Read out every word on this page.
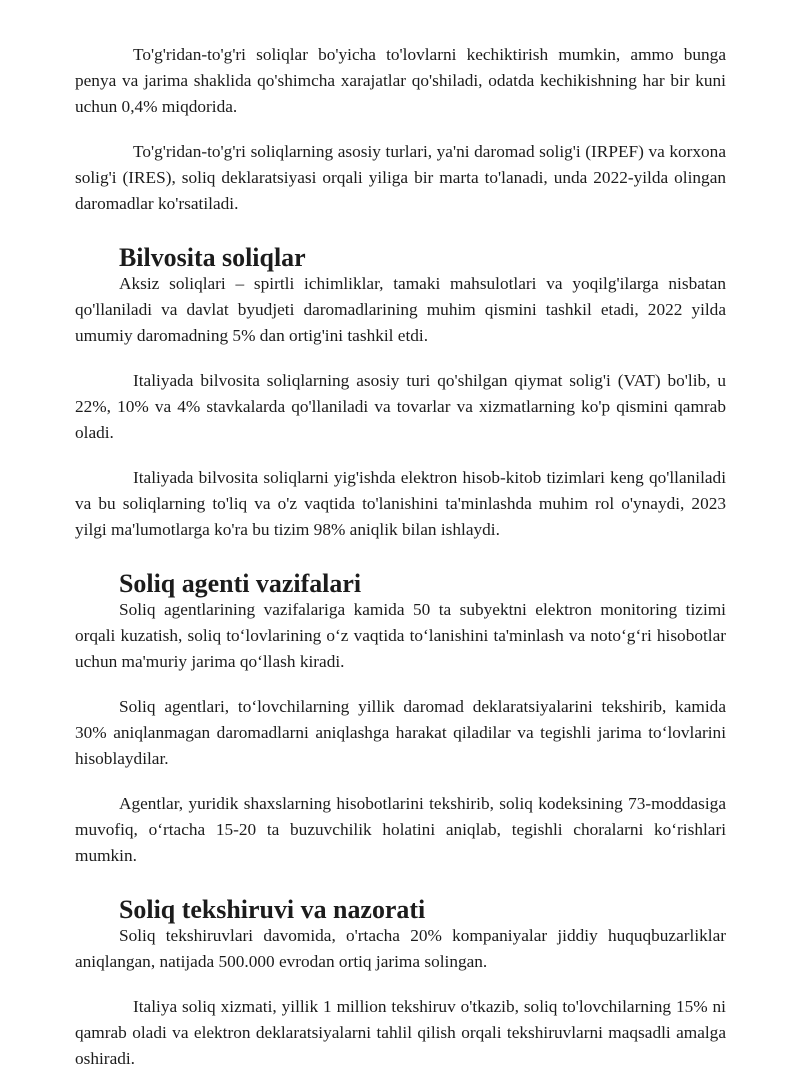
To'g'ridan-to'g'ri soliqlar bo'yicha to'lovlarni kechiktirish mumkin, ammo bunga penya va jarima shaklida qo'shimcha xarajatlar qo'shiladi, odatda kechikishning har bir kuni uchun 0,4% miqdorida.

To'g'ridan-to'g'ri soliqlarning asosiy turlari, ya'ni daromad solig'i (IRPEF) va korxona solig'i (IRES), soliq deklaratsiyasi orqali yiliga bir marta to'lanadi, unda 2022-yilda olingan daromadlar ko'rsatiladi.

Bilvosita soliqlar

Aksiz soliqlari – spirtli ichimliklar, tamaki mahsulotlari va yoqilg'ilarga nisbatan qo'llaniladi va davlat byudjeti daromadlarining muhim qismini tashkil etadi, 2022 yilda umumiy daromadning 5% dan ortig'ini tashkil etdi.

Italiyada bilvosita soliqlarning asosiy turi qo'shilgan qiymat solig'i (VAT) bo'lib, u 22%, 10% va 4% stavkalarda qo'llaniladi va tovarlar va xizmatlarning ko'p qismini qamrab oladi.

Italiyada bilvosita soliqlarni yig'ishda elektron hisob-kitob tizimlari keng qo'llaniladi va bu soliqlarning to'liq va o'z vaqtida to'lanishini ta'minlashda muhim rol o'ynaydi, 2023 yilgi ma'lumotlarga ko'ra bu tizim 98% aniqlik bilan ishlaydi.

Soliq agenti vazifalari

Soliq agentlarining vazifalariga kamida 50 ta subyektni elektron monitoring tizimi orqali kuzatish, soliq to‘lovlarining o‘z vaqtida to‘lanishini ta'minlash va noto‘g‘ri hisobotlar uchun ma'muriy jarima qo‘llash kiradi.

Soliq agentlari, to‘lovchilarning yillik daromad deklaratsiyalarini tekshirib, kamida 30% aniqlanmagan daromadlarni aniqlashga harakat qiladilar va tegishli jarima to‘lovlarini hisoblaydilar.

Agentlar, yuridik shaxslarning hisobotlarini tekshirib, soliq kodeksining 73-moddasiga muvofiq, o‘rtacha 15-20 ta buzuvchilik holatini aniqlab, tegishli choralarni ko‘rishlari mumkin.

Soliq tekshiruvi va nazorati

Soliq tekshiruvlari davomida, o'rtacha 20% kompaniyalar jiddiy huquqbuzarliklar aniqlangan, natijada 500.000 evrodan ortiq jarima solingan.

Italiya soliq xizmati, yillik 1 million tekshiruv o'tkazib, soliq to'lovchilarning 15% ni qamrab oladi va elektron deklaratsiyalarni tahlil qilish orqali tekshiruvlarni maqsadli amalga oshiradi.
